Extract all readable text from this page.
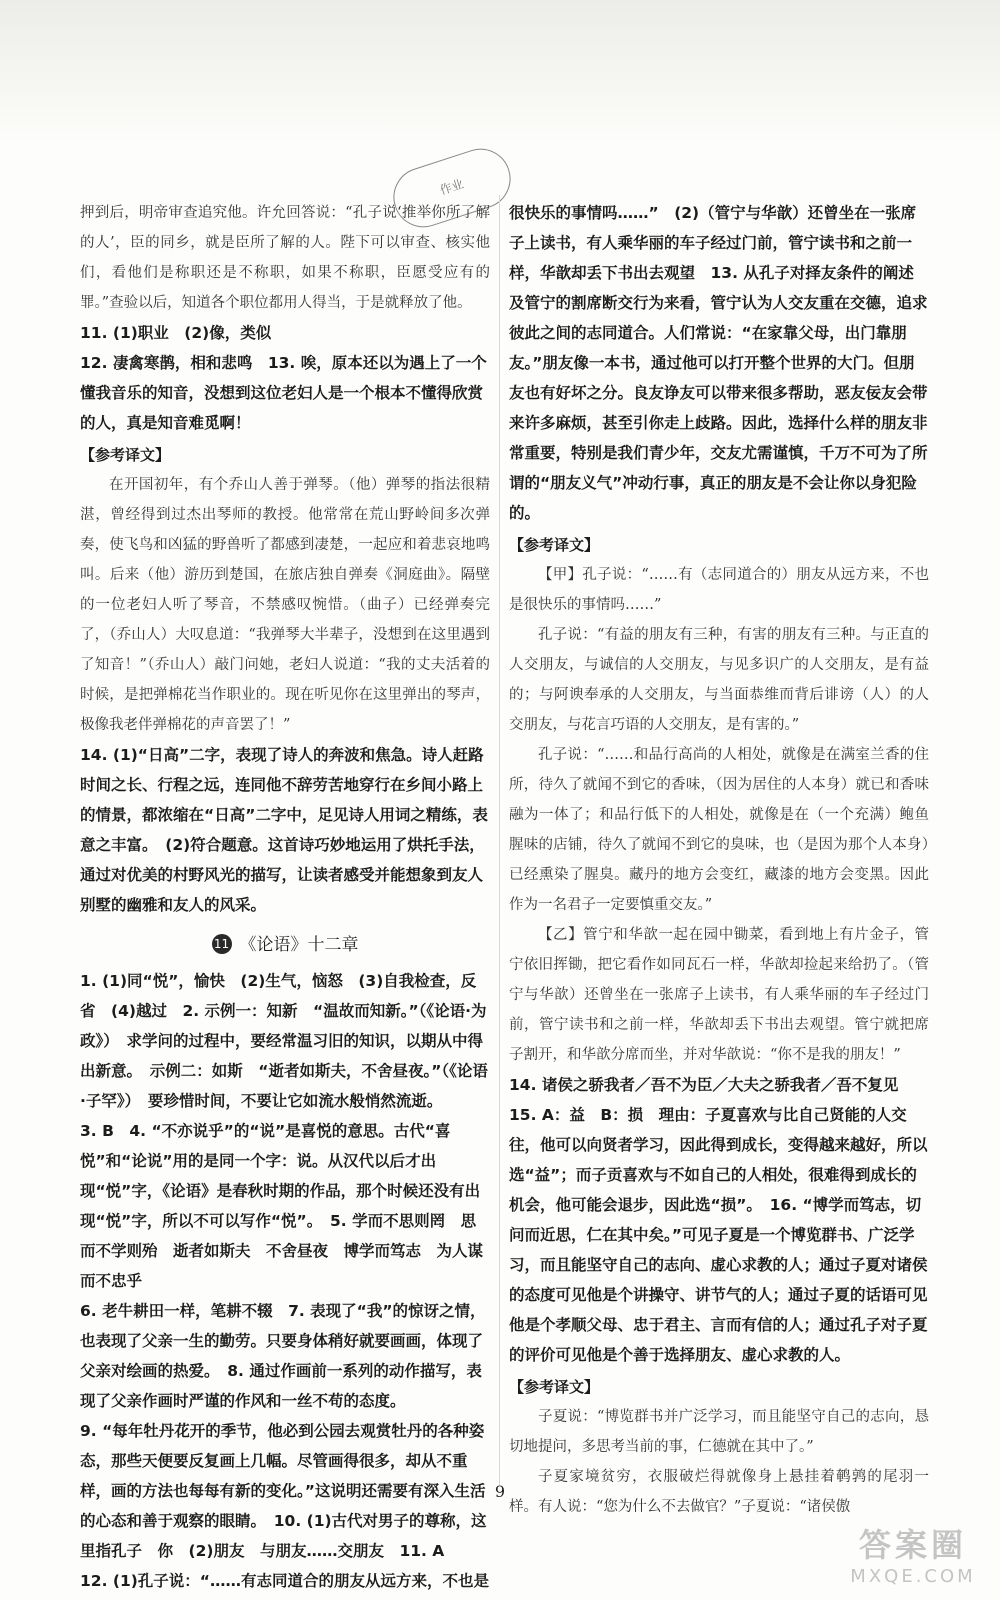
作业
押到后，明帝审查追究他。许允回答说：“孔子说‘推举你所了解的人’，臣的同乡，就是臣所了解的人。陛下可以审查、核实他们，看他们是称职还是不称职，如果不称职，臣愿受应有的罪。”查验以后，知道各个职位都用人得当，于是就释放了他。
11. (1)职业　(2)像，类似
12. 凄禽寒鹊，相和悲鸣　13. 唉，原本还以为遇上了一个懂我音乐的知音，没想到这位老妇人是一个根本不懂得欣赏的人，真是知音难觅啊！
【参考译文】
在开国初年，有个乔山人善于弹琴。（他）弹琴的指法很精湛，曾经得到过杰出琴师的教授。他常常在荒山野岭间多次弹奏，使飞鸟和凶猛的野兽听了都感到凄楚，一起应和着悲哀地鸣叫。后来（他）游历到楚国，在旅店独自弹奏《洞庭曲》。隔壁的一位老妇人听了琴音，不禁感叹惋惜。（曲子）已经弹奏完了，（乔山人）大叹息道：“我弹琴大半辈子，没想到在这里遇到了知音！”（乔山人）敲门问她，老妇人说道：“我的丈夫活着的时候，是把弹棉花当作职业的。现在听见你在这里弹出的琴声，极像我老伴弹棉花的声音罢了！”
14. (1)“日高”二字，表现了诗人的奔波和焦急。诗人赶路时间之长、行程之远，连同他不辞劳苦地穿行在乡间小路上的情景，都浓缩在“日高”二字中，足见诗人用词之精练，表意之丰富。　(2)符合题意。这首诗巧妙地运用了烘托手法，通过对优美的村野风光的描写，让读者感受并能想象到友人别墅的幽雅和友人的风采。
11 《论语》十二章
1. (1)同“悦”，愉快　(2)生气，恼怒　(3)自我检查，反省　(4)越过　2. 示例一：知新　“温故而知新。”（《论语·为政》）　求学问的过程中，要经常温习旧的知识，以期从中得出新意。　示例二：如斯　“逝者如斯夫，不舍昼夜。”（《论语·子罕》）　要珍惜时间，不要让它如流水般悄然流逝。
3. B　4. “不亦说乎”的“说”是喜悦的意思。古代“喜悦”和“论说”用的是同一个字：说。从汉代以后才出现“悦”字，《论语》是春秋时期的作品，那个时候还没有出现“悦”字，所以不可以写作“悦”。　5. 学而不思则罔　思而不学则殆　逝者如斯夫　不舍昼夜　博学而笃志　为人谋而不忠乎
6. 老牛耕田一样，笔耕不辍　7. 表现了“我”的惊讶之情，也表现了父亲一生的勤劳。只要身体稍好就要画画，体现了父亲对绘画的热爱。　8. 通过作画前一系列的动作描写，表现了父亲作画时严谨的作风和一丝不苟的态度。
9. “每年牡丹花开的季节，他必到公园去观赏牡丹的各种姿态，那些天便要反复画上几幅。尽管画得很多，却从不重样，画的方法也每每有新的变化。”这说明还需要有深入生活的心态和善于观察的眼睛。　10. (1)古代对男子的尊称，这里指孔子　你　(2)朋友　与朋友……交朋友　11. A
12. (1)孔子说：“……有志同道合的朋友从远方来，不也是
很快乐的事情吗……”　(2)（管宁与华歆）还曾坐在一张席子上读书，有人乘华丽的车子经过门前，管宁读书和之前一样，华歆却丢下书出去观望　13. 从孔子对择友条件的阐述及管宁的割席断交行为来看，管宁认为人交友重在交德，追求彼此之间的志同道合。人们常说：“在家靠父母，出门靠朋友。”朋友像一本书，通过他可以打开整个世界的大门。但朋友也有好坏之分。良友诤友可以带来很多帮助，恶友佞友会带来许多麻烦，甚至引你走上歧路。因此，选择什么样的朋友非常重要，特别是我们青少年，交友尤需谨慎，千万不可为了所谓的“朋友义气”冲动行事，真正的朋友是不会让你以身犯险的。
【参考译文】
【甲】孔子说：“……有（志同道合的）朋友从远方来，不也是很快乐的事情吗……”
孔子说：“有益的朋友有三种，有害的朋友有三种。与正直的人交朋友，与诚信的人交朋友，与见多识广的人交朋友，是有益的；与阿谀奉承的人交朋友，与当面恭维而背后诽谤（人）的人交朋友，与花言巧语的人交朋友，是有害的。”
孔子说：“……和品行高尚的人相处，就像是在满室兰香的住所，待久了就闻不到它的香味，（因为居住的人本身）就已和香味融为一体了；和品行低下的人相处，就像是在（一个充满）鲍鱼腥味的店铺，待久了就闻不到它的臭味，也（是因为那个人本身）已经熏染了腥臭。藏丹的地方会变红，藏漆的地方会变黑。因此作为一名君子一定要慎重交友。”
【乙】管宁和华歆一起在园中锄菜，看到地上有片金子，管宁依旧挥锄，把它看作如同瓦石一样，华歆却捡起来给扔了。（管宁与华歆）还曾坐在一张席子上读书，有人乘华丽的车子经过门前，管宁读书和之前一样，华歆却丢下书出去观望。管宁就把席子割开，和华歆分席而坐，并对华歆说：“你不是我的朋友！”
14. 诸侯之骄我者／吾不为臣／大夫之骄我者／吾不复见
15. A：益　B：损　理由：子夏喜欢与比自己贤能的人交往，他可以向贤者学习，因此得到成长，变得越来越好，所以选“益”；而子贡喜欢与不如自己的人相处，很难得到成长的机会，他可能会退步，因此选“损”。　16. “博学而笃志，切问而近思，仁在其中矣。”可见子夏是一个博览群书、广泛学习，而且能坚守自己的志向、虚心求教的人；通过子夏对诸侯的态度可见他是个讲操守、讲节气的人；通过子夏的话语可见他是个孝顺父母、忠于君主、言而有信的人；通过孔子对子夏的评价可见他是个善于选择朋友、虚心求教的人。
【参考译文】
子夏说：“博览群书并广泛学习，而且能坚守自己的志向，恳切地提问，多思考当前的事，仁德就在其中了。”
子夏家境贫穷，衣服破烂得就像身上悬挂着鹌鹑的尾羽一样。有人说：“您为什么不去做官？”子夏说：“诸侯傲
9
答案圈
MXQE.COM
